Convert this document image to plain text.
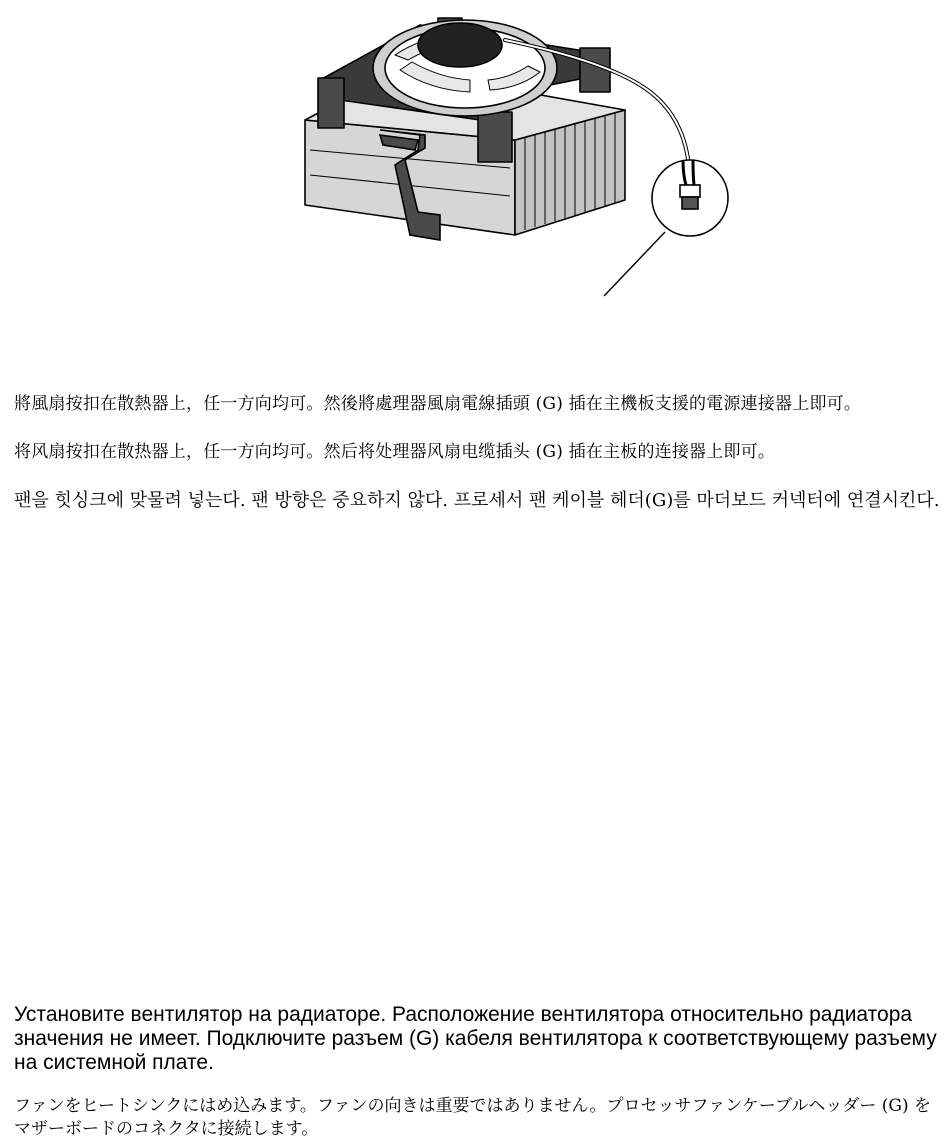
將風扇按扣在散熱器上，任一方向均可。然後將處理器風扇電線插頭 (G) 插在主機板支援的電源連接器上即可。

将风扇按扣在散热器上，任一方向均可。然后将处理器风扇电缆插头 (G) 插在主板的连接器上即可。

팬을 힛싱크에 맞물려 넣는다. 팬 방향은 중요하지 않다. 프로세서 팬 케이블 헤더(G)를 마더보드 커넥터에 연결시킨다.

Установите вентилятор на радиаторе. Расположение вентилятора относительно радиатора значения не имеет. Подключите разъем (G) кабеля вентилятора к соответствующему разъему на системной плате.

ファンをヒートシンクにはめ込みます。ファンの向きは重要ではありません。プロセッサファンケーブルヘッダー (G) をマザーボードのコネクタに接続します。
